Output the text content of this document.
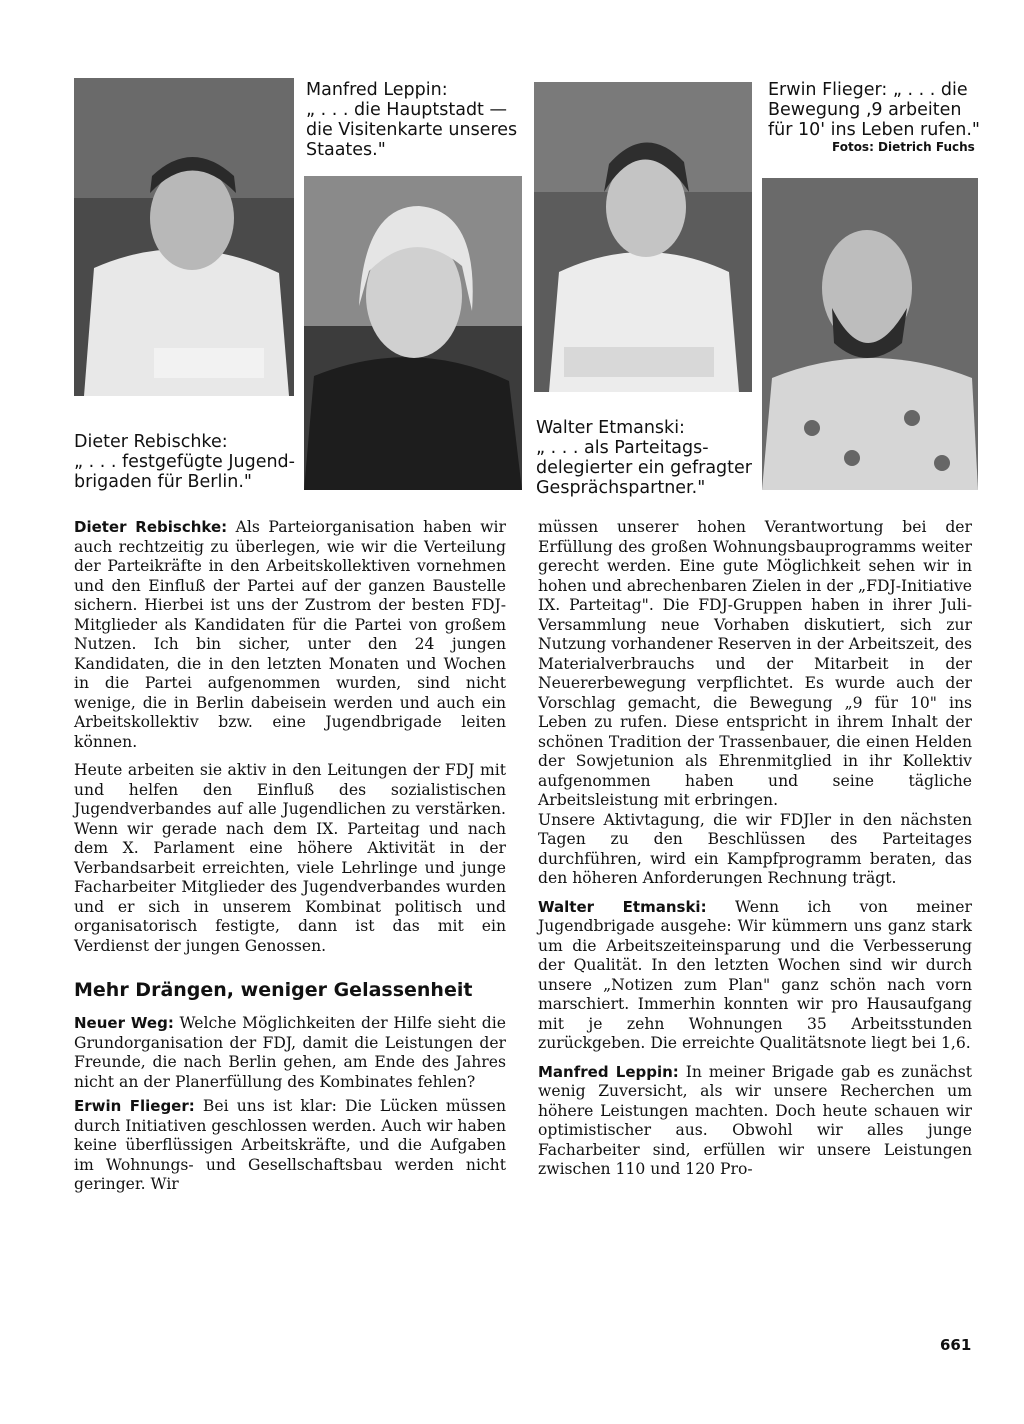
Manfred Leppin:
„ . . . die Hauptstadt —
die Visitenkarte unseres
Staates."
Erwin Flieger: „ . . . die
Bewegung ‚9 arbeiten
für 10' ins Leben rufen."
Fotos: Dietrich Fuchs
Dieter Rebischke:
„ . . . festgefügte Jugend-
brigaden für Berlin."
Walter Etmanski:
„ . . . als Parteitags-
delegierter ein gefragter
Gesprächspartner."

Dieter Rebischke: Als Parteiorganisation haben wir auch rechtzeitig zu überlegen, wie wir die Verteilung der Parteikräfte in den Arbeitskollektiven vornehmen und den Einfluß der Partei auf der ganzen Baustelle sichern. Hierbei ist uns der Zustrom der besten FDJ-Mitglieder als Kandidaten für die Partei von großem Nutzen. Ich bin sicher, unter den 24 jungen Kandidaten, die in den letzten Monaten und Wochen in die Partei aufgenommen wurden, sind nicht wenige, die in Berlin dabeisein werden und auch ein Arbeitskollektiv bzw. eine Jugendbrigade leiten können.

Heute arbeiten sie aktiv in den Leitungen der FDJ mit und helfen den Einfluß des sozialistischen Jugendverbandes auf alle Jugendlichen zu verstärken. Wenn wir gerade nach dem IX. Parteitag und nach dem X. Parlament eine höhere Aktivität in der Verbandsarbeit erreichten, viele Lehrlinge und junge Facharbeiter Mitglieder des Jugendverbandes wurden und er sich in unserem Kombinat politisch und organisatorisch festigte, dann ist das mit ein Verdienst der jungen Genossen.

Mehr Drängen, weniger Gelassenheit

Neuer Weg: Welche Möglichkeiten der Hilfe sieht die Grundorganisation der FDJ, damit die Leistungen der Freunde, die nach Berlin gehen, am Ende des Jahres nicht an der Planerfüllung des Kombinates fehlen?

Erwin Flieger: Bei uns ist klar: Die Lücken müssen durch Initiativen geschlossen werden. Auch wir haben keine überflüssigen Arbeitskräfte, und die Aufgaben im Wohnungs- und Gesellschaftsbau werden nicht geringer. Wir

müssen unserer hohen Verantwortung bei der Erfüllung des großen Wohnungsbauprogramms weiter gerecht werden. Eine gute Möglichkeit sehen wir in hohen und abrechenbaren Zielen in der „FDJ-Initiative IX. Parteitag". Die FDJ-Gruppen haben in ihrer Juli-Versammlung neue Vorhaben diskutiert, sich zur Nutzung vorhandener Reserven in der Arbeitszeit, des Materialverbrauchs und der Mitarbeit in der Neuererbewegung verpflichtet. Es wurde auch der Vorschlag gemacht, die Bewegung „9 für 10" ins Leben zu rufen. Diese entspricht in ihrem Inhalt der schönen Tradition der Trassenbauer, die einen Helden der Sowjetunion als Ehrenmitglied in ihr Kollektiv aufgenommen haben und seine tägliche Arbeitsleistung mit erbringen.

Unsere Aktivtagung, die wir FDJler in den nächsten Tagen zu den Beschlüssen des Parteitages durchführen, wird ein Kampfprogramm beraten, das den höheren Anforderungen Rechnung trägt.

Walter Etmanski: Wenn ich von meiner Jugendbrigade ausgehe: Wir kümmern uns ganz stark um die Arbeitszeiteinsparung und die Verbesserung der Qualität. In den letzten Wochen sind wir durch unsere „Notizen zum Plan" ganz schön nach vorn marschiert. Immerhin konnten wir pro Hausaufgang mit je zehn Wohnungen 35 Arbeitsstunden zurückgeben. Die erreichte Qualitätsnote liegt bei 1,6.

Manfred Leppin: In meiner Brigade gab es zunächst wenig Zuversicht, als wir unsere Recherchen um höhere Leistungen machten. Doch heute schauen wir optimistischer aus. Obwohl wir alles junge Facharbeiter sind, erfüllen wir unsere Leistungen zwischen 110 und 120 Pro-

661
